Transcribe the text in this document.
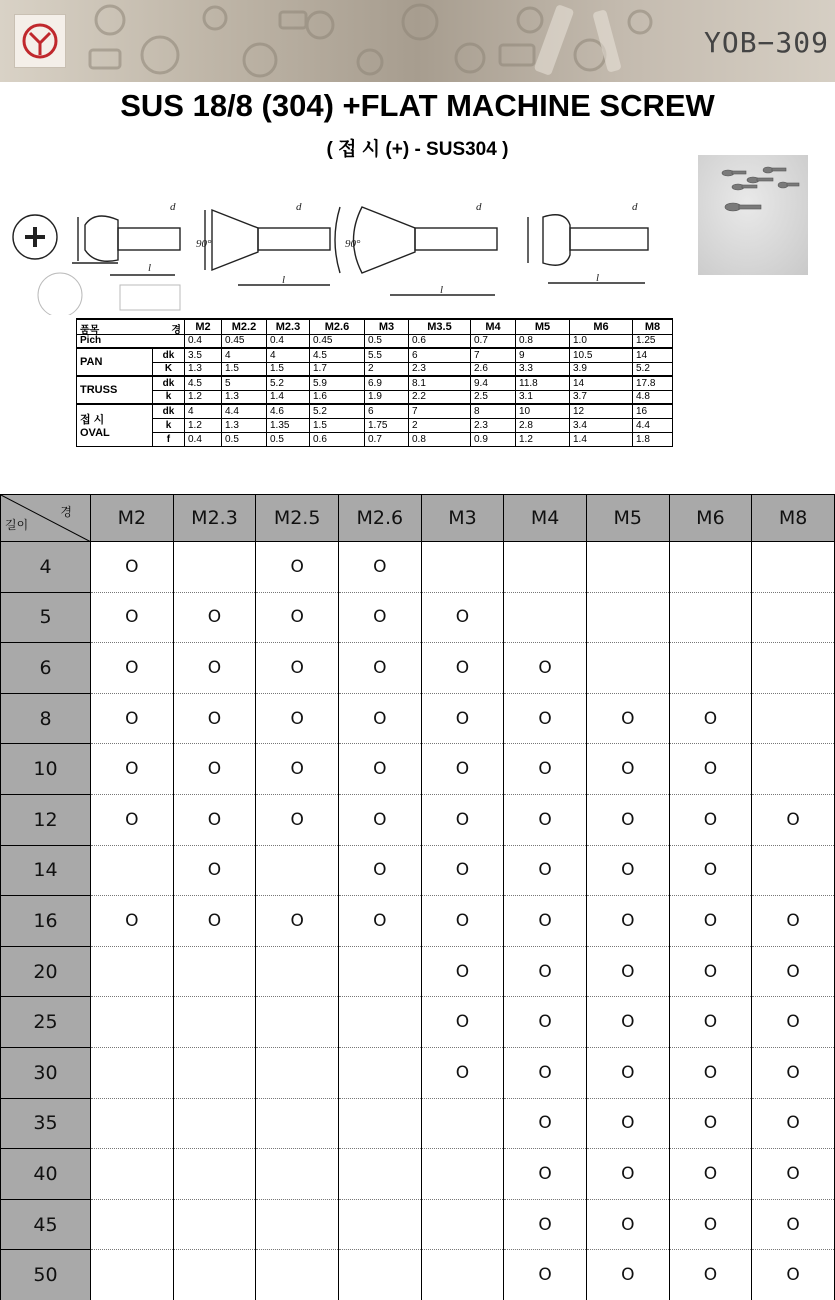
YOB−309
SUS 18/8 (304) +FLAT MACHINE SCREW
( 접 시 (+) - SUS304 )
d	d	d	d
90°	90°
l
l
l
l
품목 경		M2	M2.2	M2.3	M2.6	M3	M3.5	M4	M5	M6	M8
Pich		0.4	0.45	0.4	0.45	0.5	0.6	0.7	0.8	1.0	1.25

PAN	dk	3.5	4	4	4.5	5.5	6	7	9	10.5	14
	K	1.3	1.5	1.5	1.7	2	2.3	2.6	3.3	3.9	5.2

TRUSS	dk	4.5	5	5.2	5.9	6.9	8.1	9.4	11.8	14	17.8
	k	1.2	1.3	1.4	1.6	1.9	2.2	2.5	3.1	3.7	4.8

접 시
OVAL	dk	4	4.4	4.6	5.2	6	7	8	10	12	16
	k	1.2	1.3	1.35	1.5	1.75	2	2.3	2.8	3.4	4.4
	f	0.4	0.5	0.5	0.6	0.7	0.8	0.9	1.2	1.4	1.8
경
길이	M2	M2.3	M2.5	M2.6	M3	M4	M5	M6	M8
4	O		O	O					
5	O	O	O	O	O				
6	O	O	O	O	O	O			
8	O	O	O	O	O	O	O	O	
10	O	O	O	O	O	O	O	O	
12	O	O	O	O	O	O	O	O	O
14		O		O	O	O	O	O	
16	O	O	O	O	O	O	O	O	O
20					O	O	O	O	O
25					O	O	O	O	O
30					O	O	O	O	O
35						O	O	O	O
40						O	O	O	O
45						O	O	O	O
50						O	O	O	O
